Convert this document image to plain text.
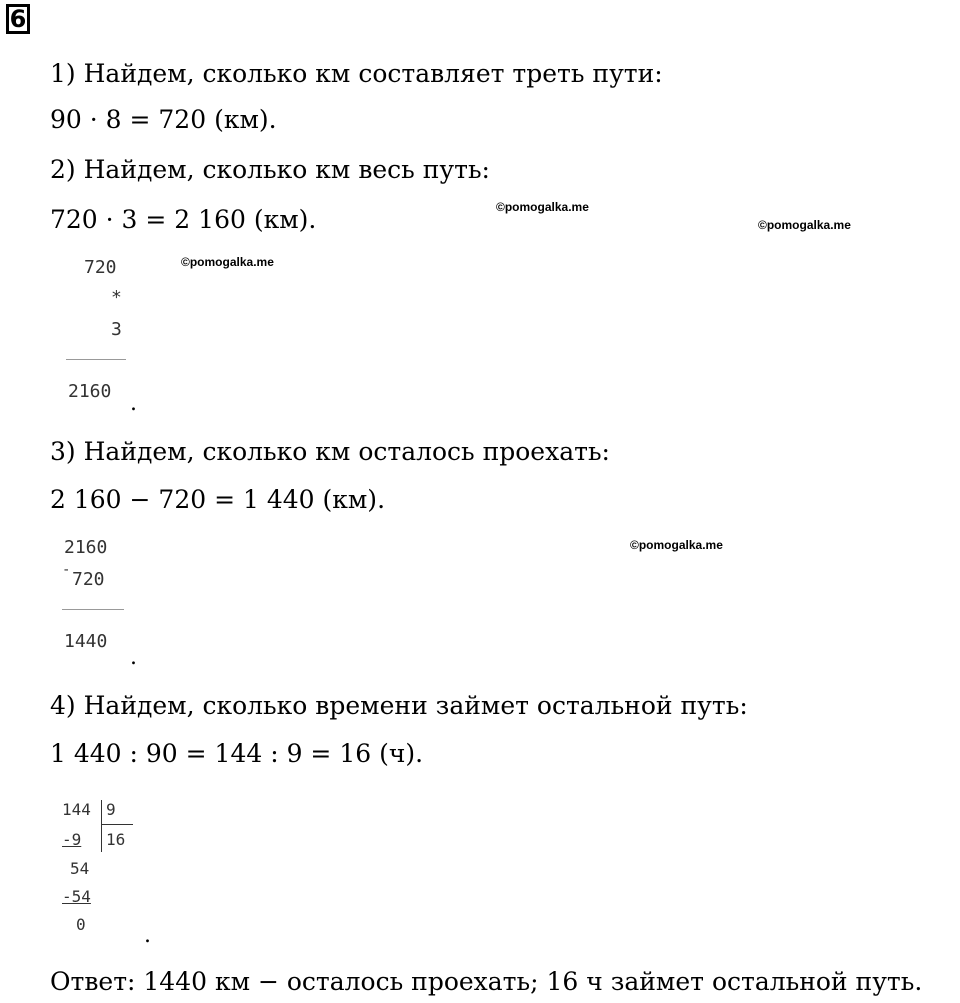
6
1) Найдем, сколько км составляет треть пути:
90 · 8 = 720 (км).
2) Найдем, сколько км весь путь:
720 · 3 = 2 160 (км).	©pomogalka.me
©pomogalka.me
©pomogalka.me
720
*
3
2160 .
3) Найдем, сколько км осталось проехать:
2 160 − 720 = 1 440 (км).
©pomogalka.me
2160
- 720
1440
.
4) Найдем, сколько времени займет остальной путь:
1 440 : 90 = 144 : 9 = 16 (ч).
144 9
16
-9
54
-54
0	.
Ответ: 1440 км − осталось проехать; 16 ч займет остальной путь.
